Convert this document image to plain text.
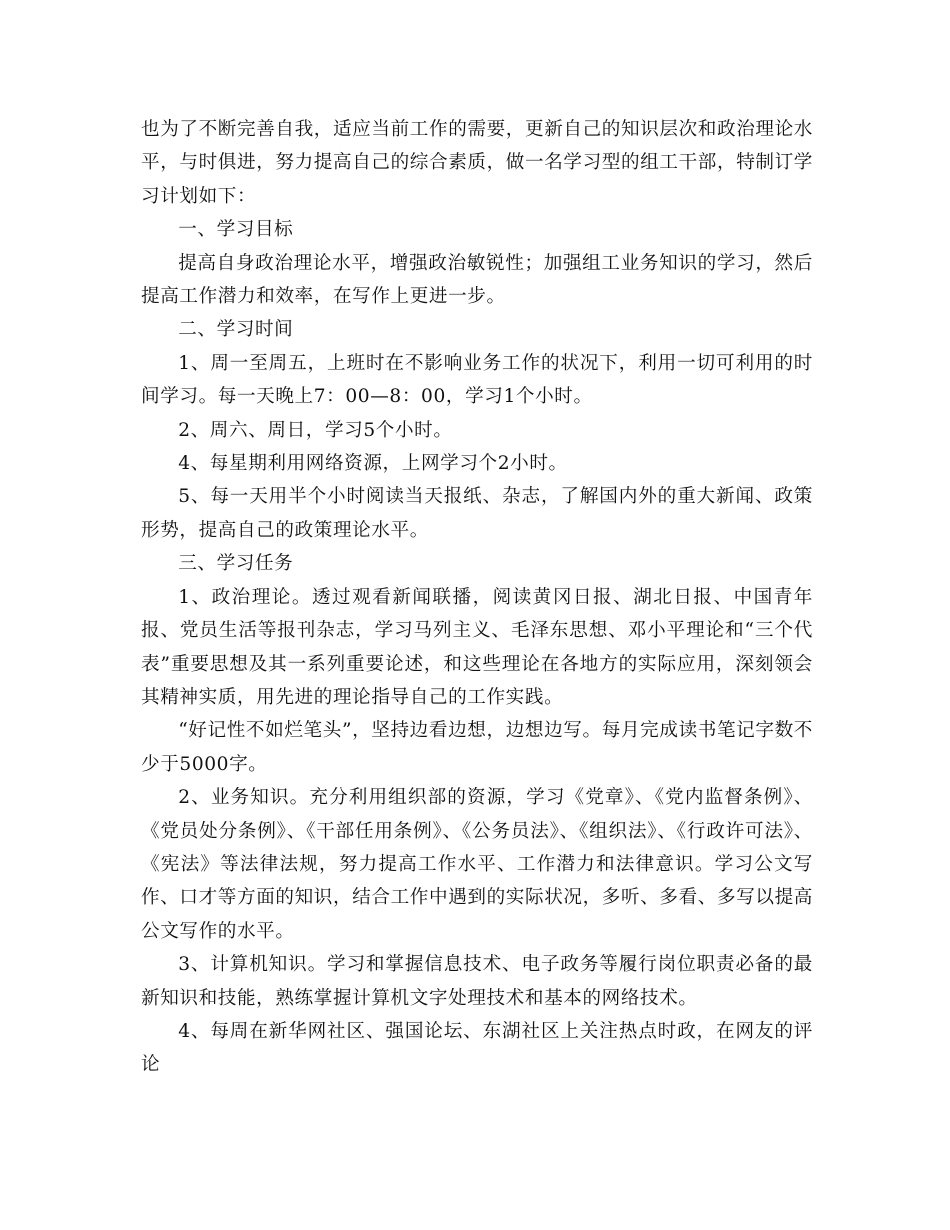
也为了不断完善自我，适应当前工作的需要，更新自己的知识层次和政治理论水平，与时俱进，努力提高自己的综合素质，做一名学习型的组工干部，特制订学习计划如下：

一、学习目标

提高自身政治理论水平，增强政治敏锐性；加强组工业务知识的学习，然后提高工作潜力和效率，在写作上更进一步。

二、学习时间

1、周一至周五，上班时在不影响业务工作的状况下，利用一切可利用的时间学习。每一天晚上7：00—8：00，学习1个小时。

2、周六、周日，学习5个小时。

4、每星期利用网络资源，上网学习个2小时。

5、每一天用半个小时阅读当天报纸、杂志，了解国内外的重大新闻、政策形势，提高自己的政策理论水平。

三、学习任务

1、政治理论。透过观看新闻联播，阅读黄冈日报、湖北日报、中国青年报、党员生活等报刊杂志，学习马列主义、毛泽东思想、邓小平理论和“三个代表”重要思想及其一系列重要论述，和这些理论在各地方的实际应用，深刻领会其精神实质，用先进的理论指导自己的工作实践。

“好记性不如烂笔头”，坚持边看边想，边想边写。每月完成读书笔记字数不少于5000字。

2、业务知识。充分利用组织部的资源，学习《党章》、《党内监督条例》、《党员处分条例》、《干部任用条例》、《公务员法》、《组织法》、《行政许可法》、《宪法》等法律法规，努力提高工作水平、工作潜力和法律意识。学习公文写作、口才等方面的知识，结合工作中遇到的实际状况，多听、多看、多写以提高公文写作的水平。

3、计算机知识。学习和掌握信息技术、电子政务等履行岗位职责必备的最新知识和技能，熟练掌握计算机文字处理技术和基本的网络技术。

4、每周在新华网社区、强国论坛、东湖社区上关注热点时政，在网友的评论
